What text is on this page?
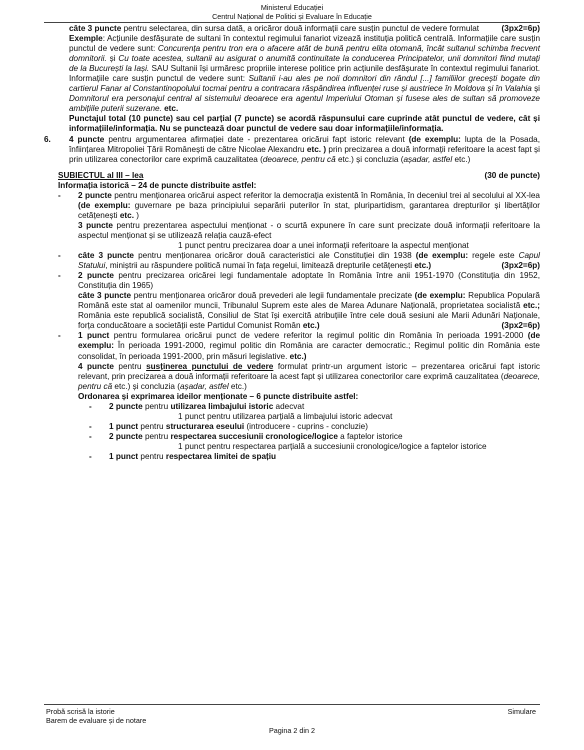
Ministerul Educației
Centrul Național de Politici și Evaluare în Educație

câte 3 puncte pentru selectarea, din sursa dată, a oricăror două informații care susțin punctul de vedere formulat	(3px2=6p)

Exemple: Acțiunile desfășurate de sultani în contextul regimului fanariot vizează instituția politică centrală. Informațiile care susțin punctul de vedere sunt: Concurența pentru tron era o afacere atât de bună pentru elita otomană, încât sultanul schimba frecvent domnitorii. și Cu toate acestea, sultanii au asigurat o anumită continuitate la conducerea Principatelor, unii domnitori fiind mutați de la București la Iași. SAU Sultanii își urmăresc propriile interese politice prin acțiunile desfășurate în contextul regimului fanariot. Informațiile care susțin punctul de vedere sunt: Sultanii i-au ales pe noii domnitori din rândul [...] familiilor grecești bogate din cartierul Fanar al Constantinopolului tocmai pentru a contracara răspândirea influenței ruse și austriece în Moldova și în Valahia și Domnitorul era personajul central al sistemului deoarece era agentul Imperiului Otoman și fusese ales de sultan să promoveze ambițiile puterii suzerane. etc.

Punctajul total (10 puncte) sau cel parțial (7 puncte) se acordă răspunsului care cuprinde atât punctul de vedere, cât și informațiile/informația. Nu se punctează doar punctul de vedere sau doar informațiile/informația.

6. 4 puncte pentru argumentarea afirmației date - prezentarea oricărui fapt istoric relevant (de exemplu: lupta de la Posada, înființarea Mitropoliei Țării Românești de către Nicolae Alexandru etc. ) prin precizarea a două informații referitoare la acest fapt și prin utilizarea conectorilor care exprimă cauzalitatea (deoarece, pentru că etc.) și concluzia (așadar, astfel etc.)

SUBIECTUL al III – lea	(30 de puncte)

Informația istorică – 24 de puncte distribuite astfel:

- 2 puncte pentru menționarea oricărui aspect referitor la democrația existentă în România, în deceniul trei al secolului al XX-lea (de exemplu: guvernare pe baza principiului separării puterilor în stat, pluripartidism, garantarea drepturilor și libertăților cetățenești etc. )

3 puncte pentru prezentarea aspectului menționat - o scurtă expunere în care sunt precizate două informații referitoare la aspectul menționat și se utilizează relația cauză-efect

1 punct pentru precizarea doar a unei informații referitoare la aspectul menționat

- câte 3 puncte pentru menționarea oricăror două caracteristici ale Constituției din 1938 (de exemplu: regele este Capul Statului, miniștrii au răspundere politică numai în fața regelui, limitează drepturile cetățenești etc.)	(3px2=6p)

- 2 puncte pentru precizarea oricărei legi fundamentale adoptate în România între anii 1951-1970 (Constituția din 1952, Constituția din 1965)

câte 3 puncte pentru menționarea oricăror două prevederi ale legii fundamentale precizate (de exemplu: Republica Populară Română este stat al oamenilor muncii, Tribunalul Suprem este ales de Marea Adunare Națională, proprietatea socialistă etc.; România este republică socialistă, Consiliul de Stat își exercită atribuțiile între cele două sesiuni ale Marii Adunări Naționale, forța conducătoare a societății este Partidul Comunist Român etc.)	(3px2=6p)

- 1 punct pentru formularea oricărui punct de vedere referitor la regimul politic din România în perioada 1991-2000 (de exemplu: În perioada 1991-2000, regimul politic din România are caracter democratic.; Regimul politic din România este consolidat, în perioada 1991-2000, prin măsuri legislative. etc.)

4 puncte pentru susținerea punctului de vedere formulat printr-un argument istoric – prezentarea oricărui fapt istoric relevant, prin precizarea a două informații referitoare la acest fapt și utilizarea conectorilor care exprimă cauzalitatea (deoarece, pentru că etc.) și concluzia (așadar, astfel etc.)

Ordonarea și exprimarea ideilor menționate – 6 puncte distribuite astfel:

- 2 puncte pentru utilizarea limbajului istoric adecvat

1 punct pentru utilizarea parțială a limbajului istoric adecvat

- 1 punct pentru structurarea eseului (introducere - cuprins - concluzie)

- 2 puncte pentru respectarea succesiunii cronologice/logice a faptelor istorice

1 punct pentru respectarea parțială a succesiunii cronologice/logice a faptelor istorice

- 1 punct pentru respectarea limitei de spațiu

Probă scrisă la istorie
Barem de evaluare și de notare
Simulare
Pagina 2 din 2
